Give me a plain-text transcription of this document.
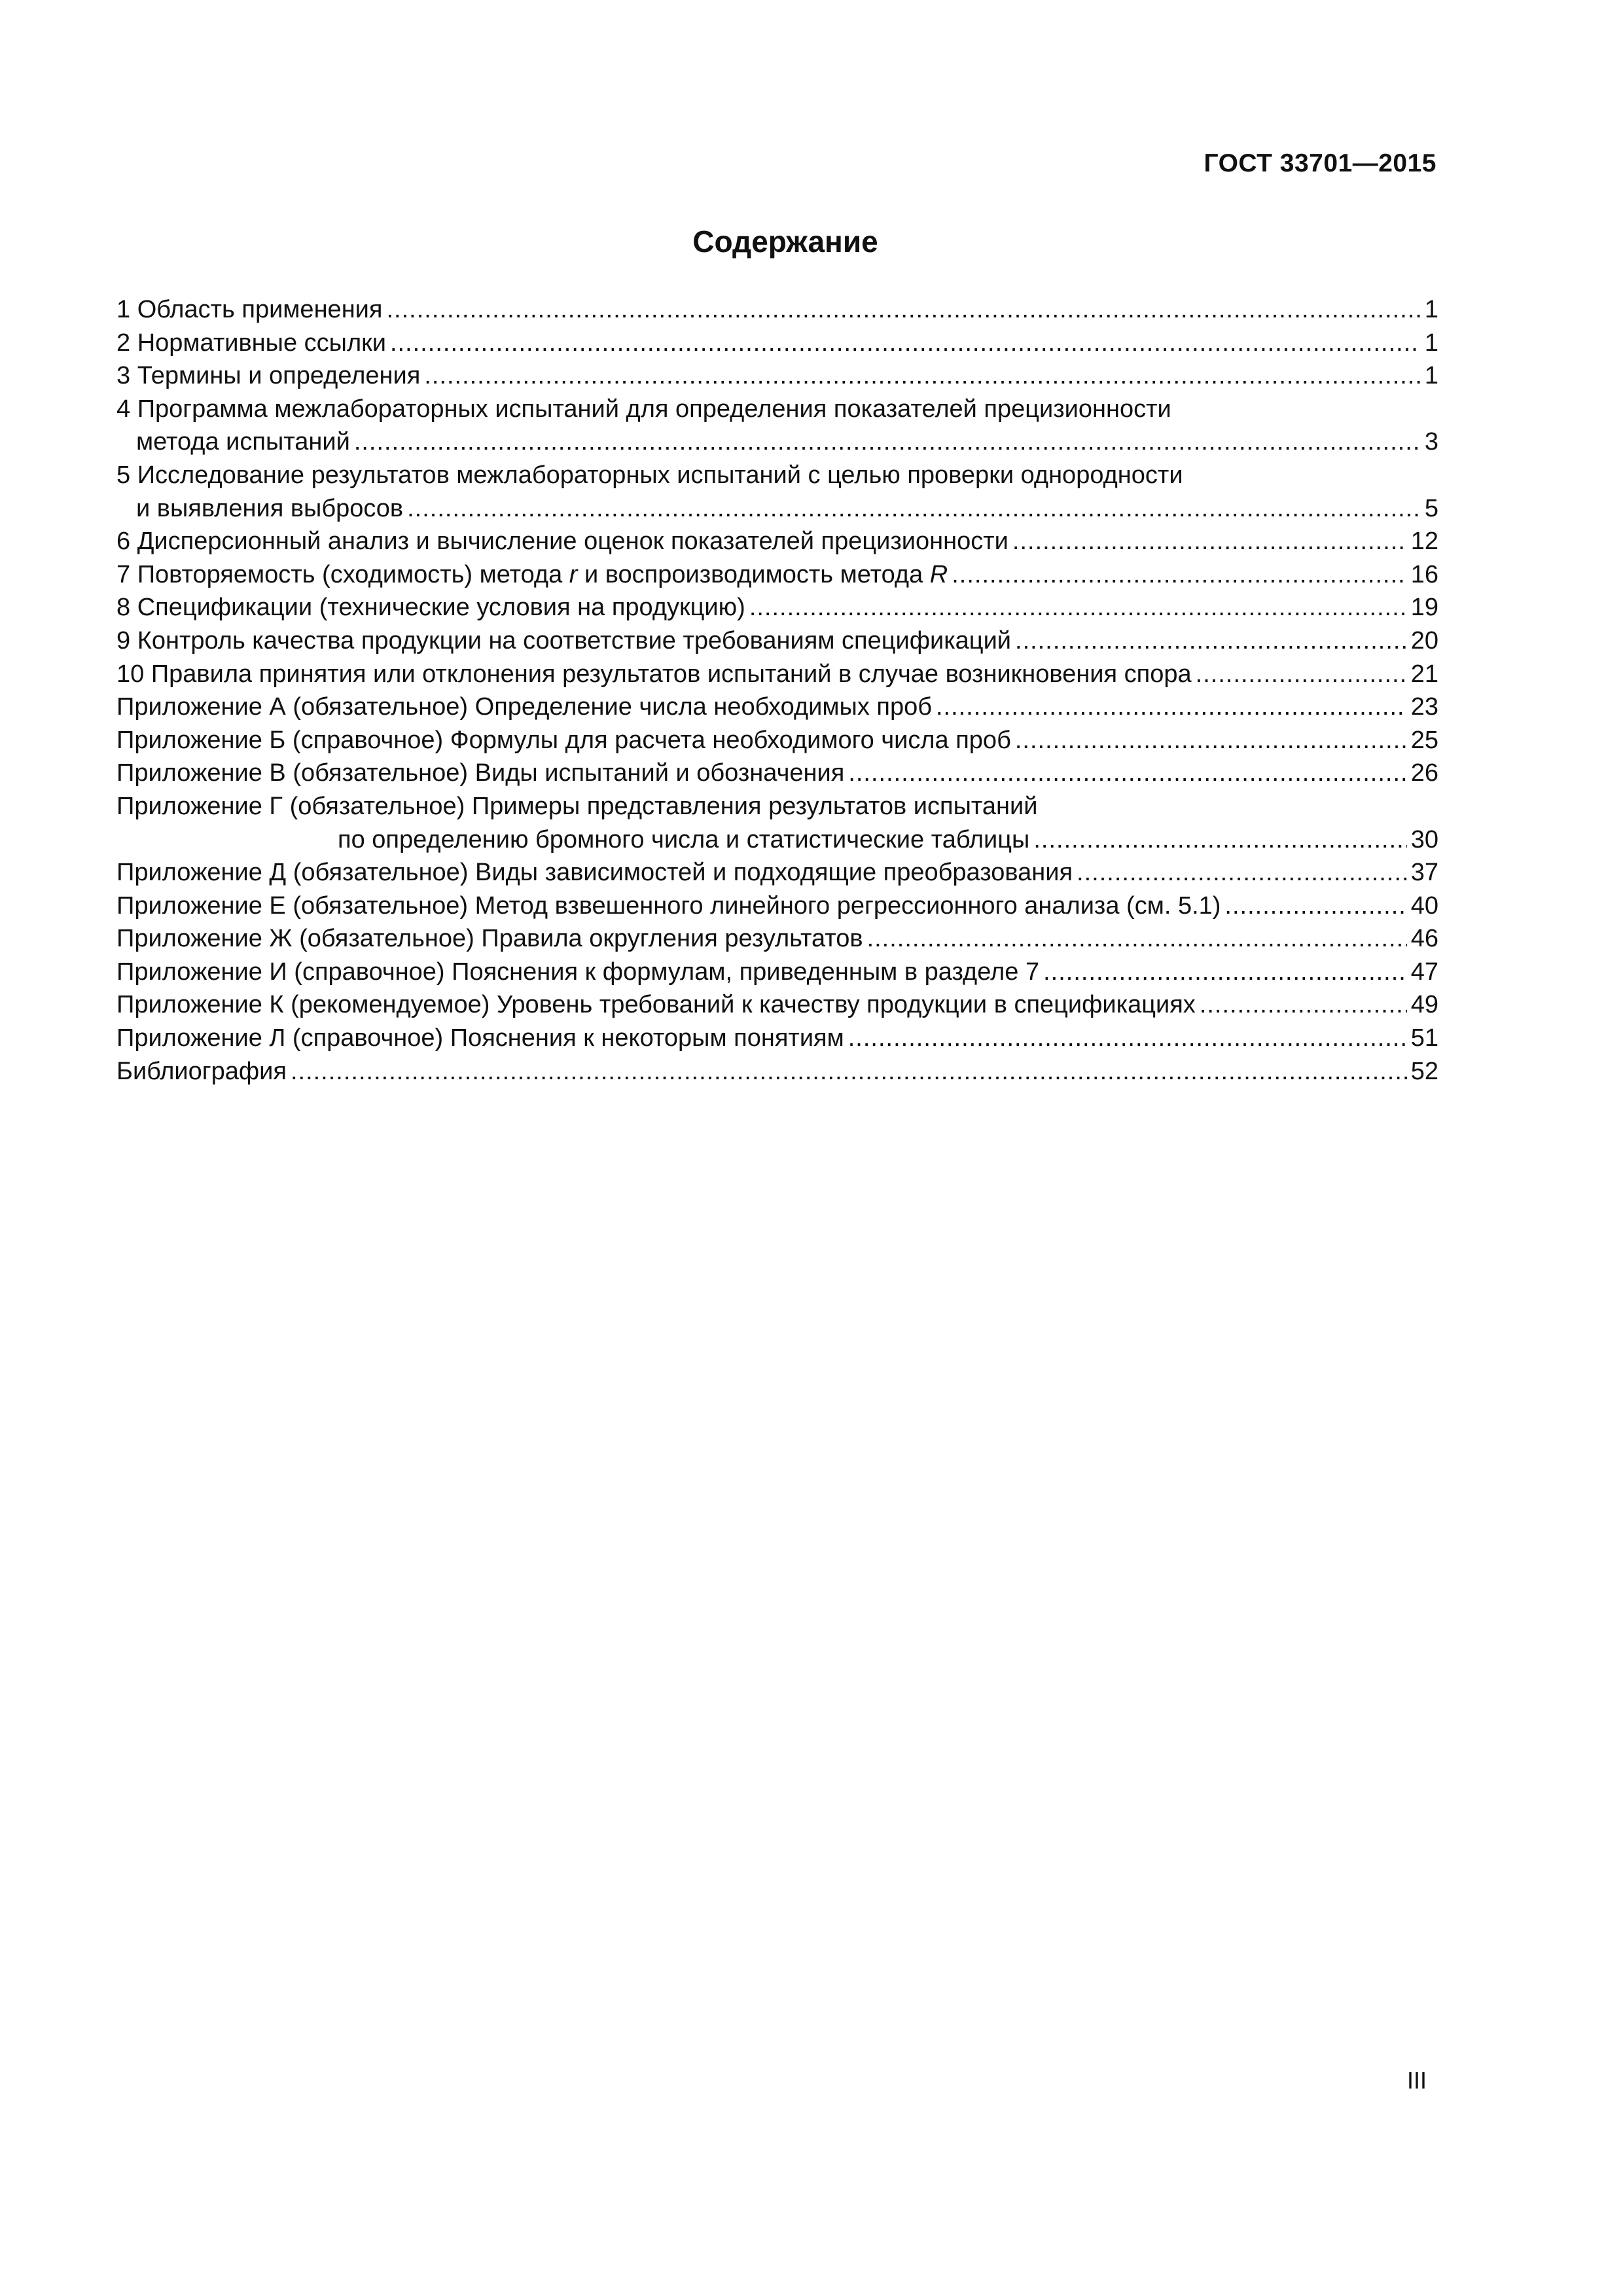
ГОСТ 33701—2015
Содержание
1 Область применения .....	1
2 Нормативные ссылки .....	1
3 Термины и определения .....	1
4 Программа межлабораторных испытаний для определения показателей прецизионности
метода испытаний .....	3
5 Исследование результатов межлабораторных испытаний с целью проверки однородности
и выявления выбросов .....	5
6 Дисперсионный анализ и вычисление оценок показателей прецизионности .....	12
7 Повторяемость (сходимость) метода r и воспроизводимость метода R .....	16
8 Спецификации (технические условия на продукцию) .....	19
9 Контроль качества продукции на соответствие требованиям спецификаций .....	20
10 Правила принятия или отклонения результатов испытаний в случае возникновения спора .....	21
Приложение А (обязательное) Определение числа необходимых проб .....	23
Приложение Б (справочное) Формулы для расчета необходимого числа проб .....	25
Приложение В (обязательное) Виды испытаний и обозначения .....	26
Приложение Г (обязательное) Примеры представления результатов испытаний
по определению бромного числа и статистические таблицы .....	30
Приложение Д (обязательное) Виды зависимостей и подходящие преобразования .....	37
Приложение Е (обязательное) Метод взвешенного линейного регрессионного анализа (см. 5.1) .....	40
Приложение Ж (обязательное) Правила округления результатов .....	46
Приложение И (справочное) Пояснения к формулам, приведенным в разделе 7 .....	47
Приложение К (рекомендуемое) Уровень требований к качеству продукции в спецификациях .....	49
Приложение Л (справочное) Пояснения к некоторым понятиям .....	51
Библиография .....	52
III
